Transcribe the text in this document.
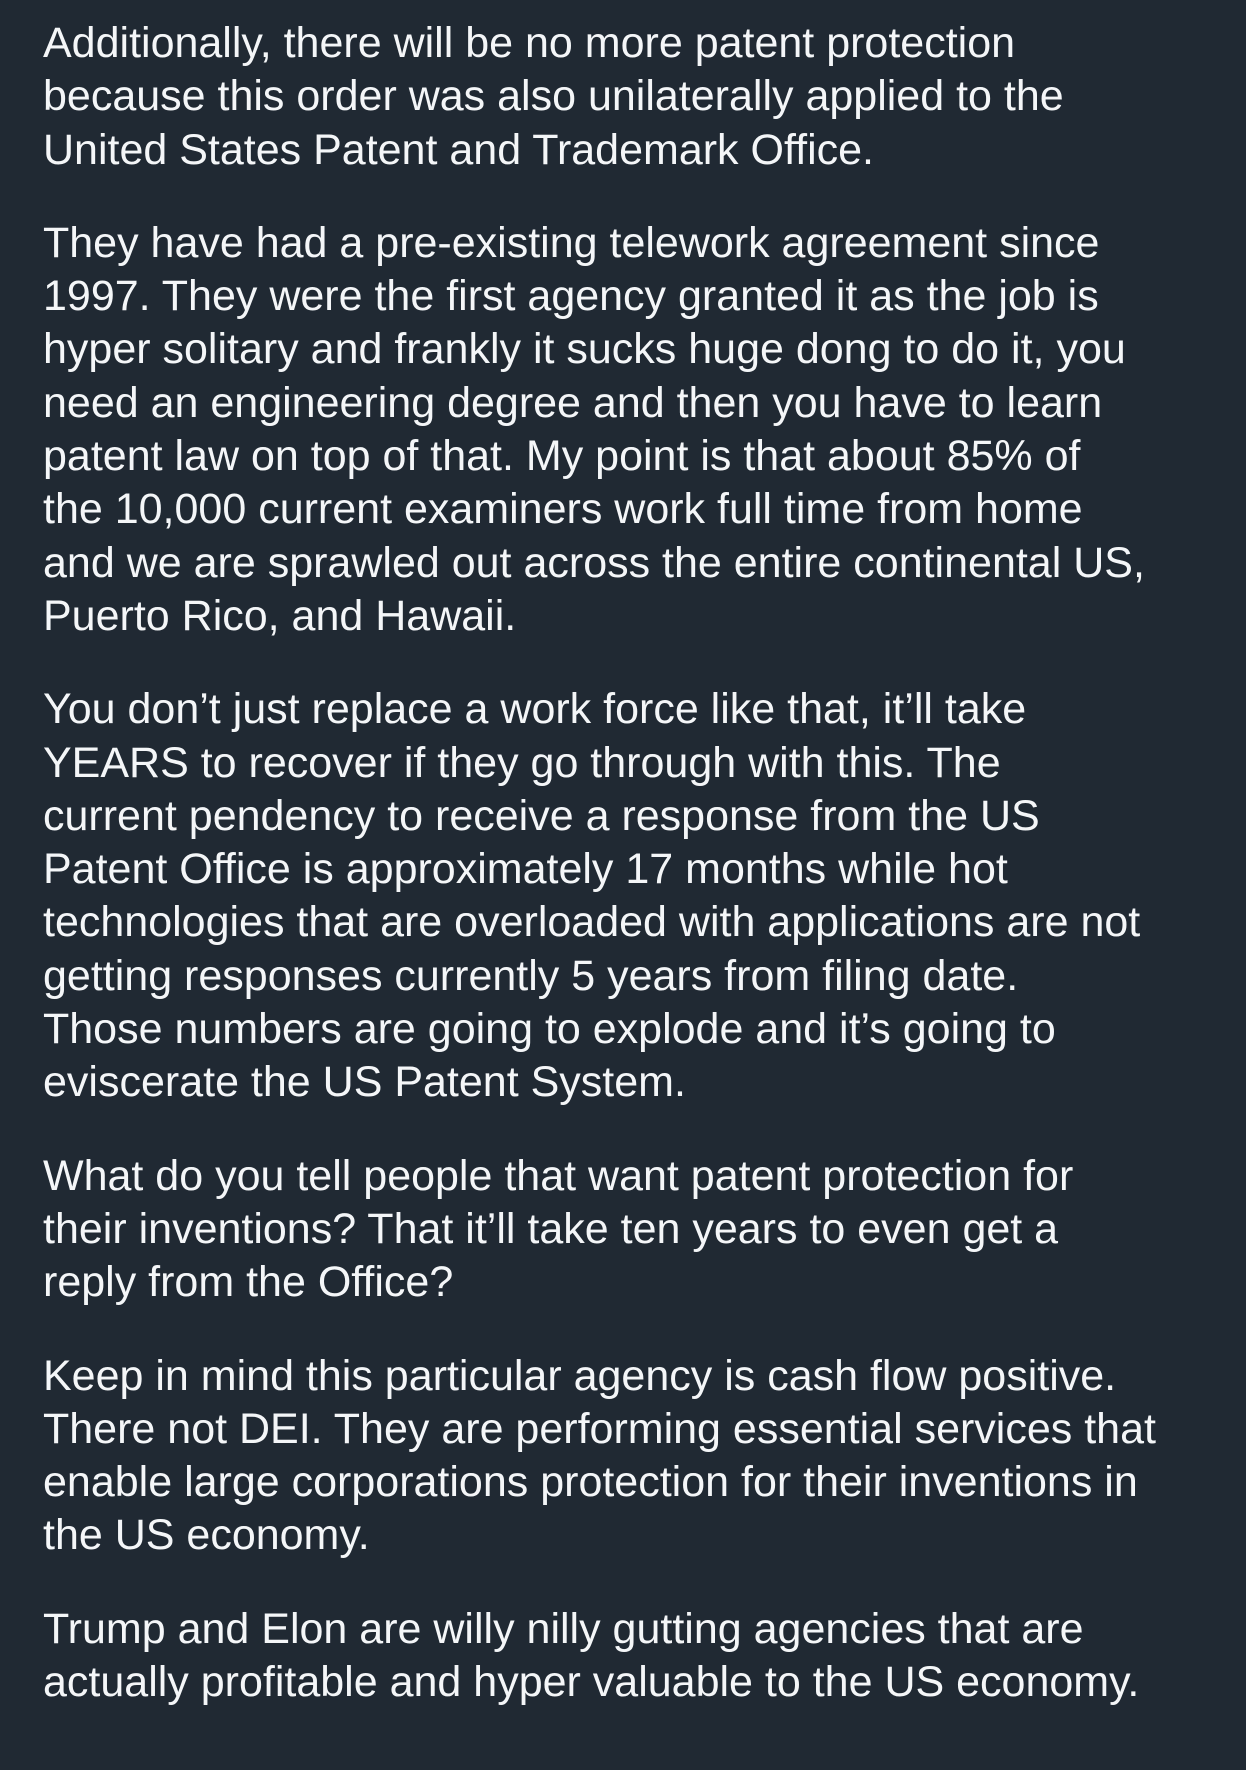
Additionally, there will be no more patent protection
because this order was also unilaterally applied to the
United States Patent and Trademark Office.

They have had a pre-existing telework agreement since
1997. They were the first agency granted it as the job is
hyper solitary and frankly it sucks huge dong to do it, you
need an engineering degree and then you have to learn
patent law on top of that. My point is that about 85% of
the 10,000 current examiners work full time from home
and we are sprawled out across the entire continental US,
Puerto Rico, and Hawaii.

You don’t just replace a work force like that, it’ll take
YEARS to recover if they go through with this. The
current pendency to receive a response from the US
Patent Office is approximately 17 months while hot
technologies that are overloaded with applications are not
getting responses currently 5 years from filing date.
Those numbers are going to explode and it’s going to
eviscerate the US Patent System.

What do you tell people that want patent protection for
their inventions? That it’ll take ten years to even get a
reply from the Office?

Keep in mind this particular agency is cash flow positive.
There not DEI. They are performing essential services that
enable large corporations protection for their inventions in
the US economy.

Trump and Elon are willy nilly gutting agencies that are
actually profitable and hyper valuable to the US economy.
